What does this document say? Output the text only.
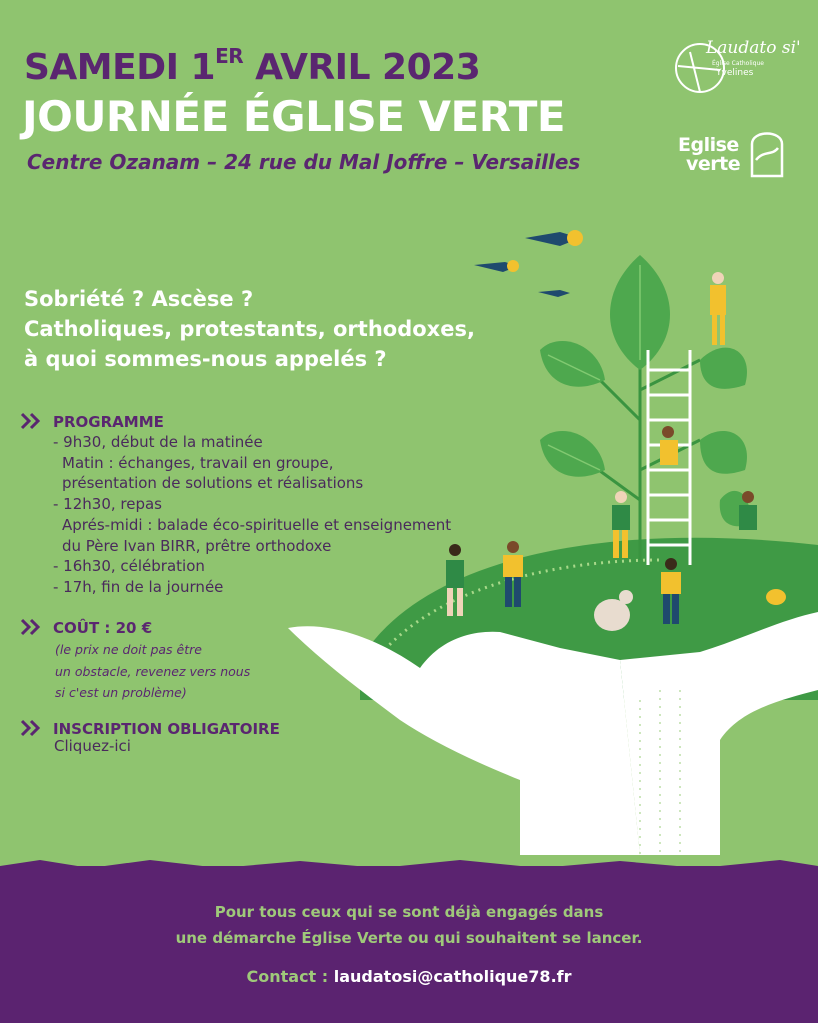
SAMEDI 1ER AVRIL 2023
JOURNÉE ÉGLISE VERTE
Centre Ozanam – 24 rue du Mal Joffre – Versailles
Laudato si'
Église Catholique
Yvelines
Eglise
verte
Sobriété ? Ascèse ?
Catholiques, protestants, orthodoxes,
à quoi sommes-nous appelés ?
PROGRAMME
- 9h30, début de la matinée
Matin : échanges, travail en groupe,
présentation de solutions et réalisations
- 12h30, repas
Aprés-midi : balade éco-spirituelle et enseignement
du Père Ivan BIRR, prêtre orthodoxe
- 16h30, célébration
- 17h, fin de la journée
COÛT : 20 €
(le prix ne doit pas être
un obstacle, revenez vers nous
si c'est un problème)
INSCRIPTION OBLIGATOIRE
Cliquez-ici
Pour tous ceux qui se sont déjà engagés dans
une démarche Église Verte ou qui souhaitent se lancer.
Contact : laudatosi@catholique78.fr
